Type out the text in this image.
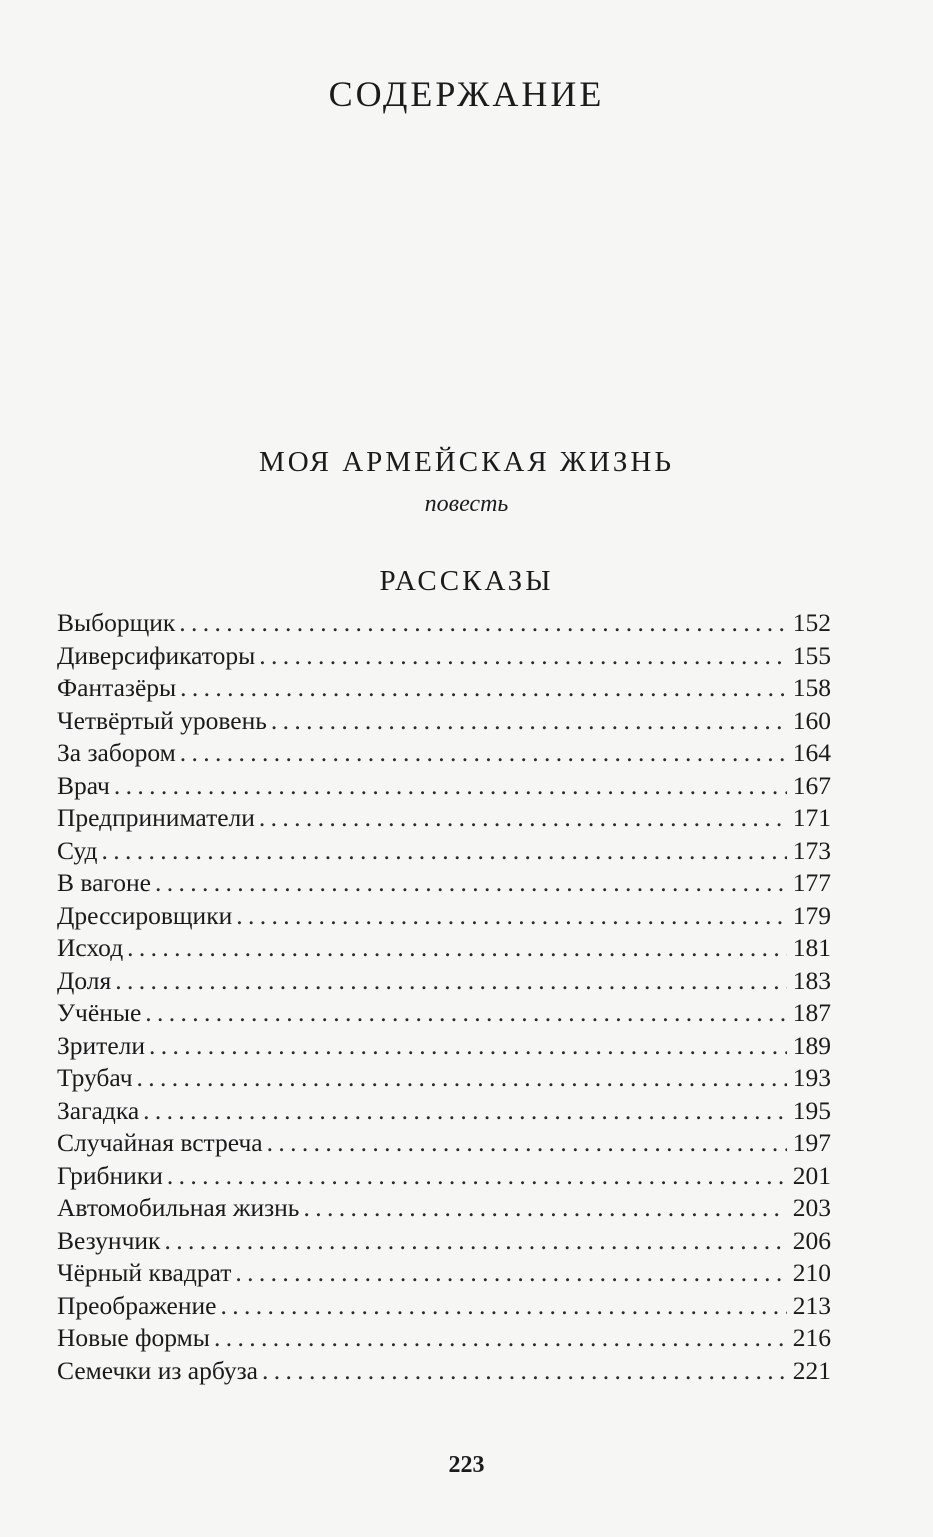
СОДЕРЖАНИЕ
МОЯ АРМЕЙСКАЯ ЖИЗНЬ
повесть
РАССКАЗЫ
Выборщик . . .	152
Диверсификаторы . . .	155
Фантазёры . . .	158
Четвёртый уровень . . .	160
За забором . . .	164
Врач . . .	167
Предприниматели . . .	171
Суд . . .	173
В вагоне . . .	177
Дрессировщики . . .	179
Исход . . .	181
Доля . . .	183
Учёные . . .	187
Зрители . . .	189
Трубач . . .	193
Загадка . . .	195
Случайная встреча . . .	197
Грибники . . .	201
Автомобильная жизнь . . .	203
Везунчик . . .	206
Чёрный квадрат . . .	210
Преображение . . .	213
Новые формы . . .	216
Семечки из арбуза . . .	221
223
